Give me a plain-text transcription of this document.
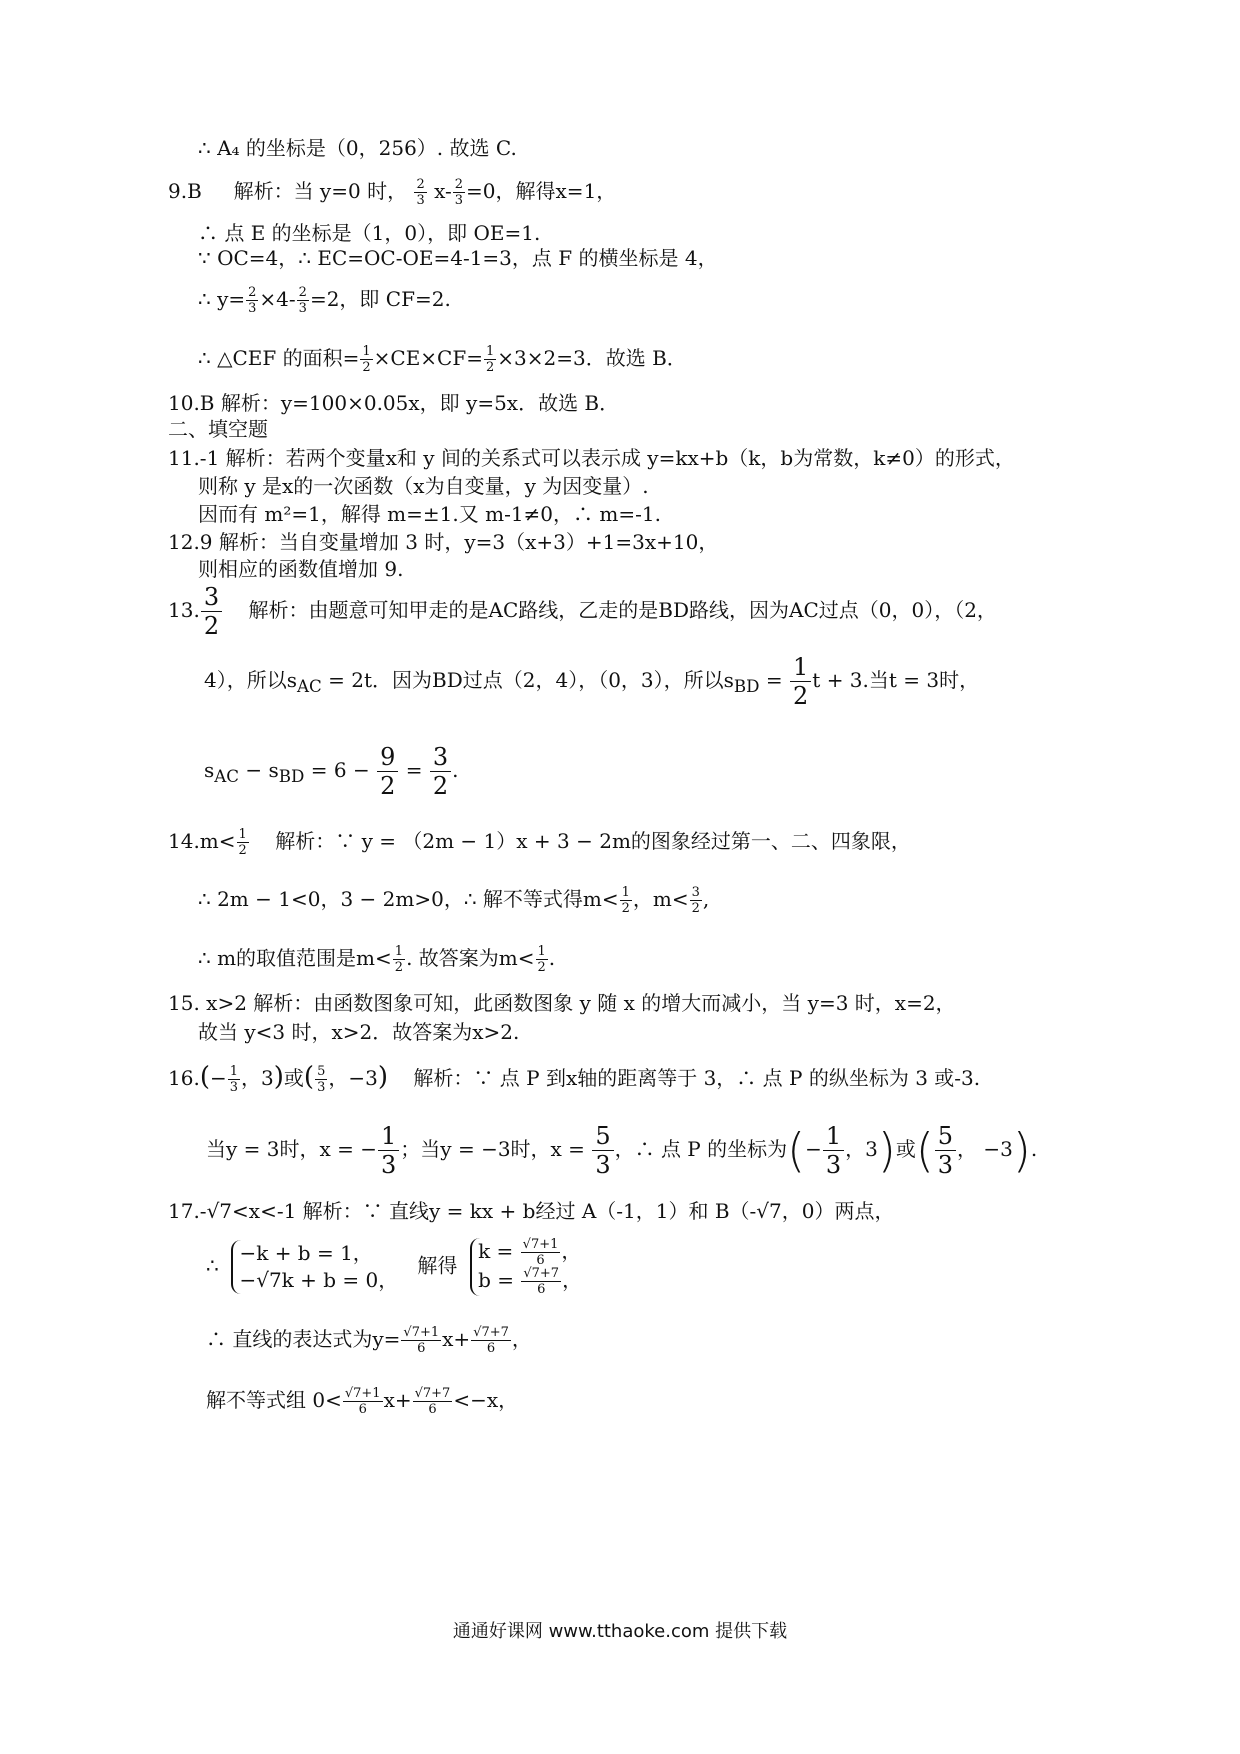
∴ A₄ 的坐标是（0，256）. 故选 C.
9.B 解析：当 y=0 时， $\frac{2}{3} x- \frac{2}{3} =0$，解得x=1，
∴ 点 E 的坐标是（1，0），即 OE=1.
∵ OC=4，∴ EC=OC-OE=4-1=3，点 F 的横坐标是 4，
∴ $y= \frac{2}{3} \times 4- \frac{2}{3} =2$，即 CF=2.
∴ △CEF 的面积= $\frac{1}{2} \times CE\times CF= \frac{1}{2} \times 3\times 2=3$．故选 B．
10.B 解析：y=100×0.05x，即 y=5x．故选 B．
二、填空题
11.-1 解析：若两个变量x和 y 间的关系式可以表示成 y=kx+b（k，b为常数，k≠0）的形式，
则称 y 是x的一次函数（x为自变量，y 为因变量）.
因而有 m²=1，解得 m=±1.又 m-1≠0，∴ m=-1.
12.9 解析：当自变量增加 3 时，y=3（x+3）+1=3x+10，
则相应的函数值增加 9.
13. $\frac{3}{2}$ 解析：由题意可知甲走的是AC路线，乙走的是BD路线，因为AC过点（0，0），（2，
4），所以$s_{AC} = 2t$．因为BD过点（2，4），（0，3），所以$s_{BD} = \frac{1}{2}$ t + 3.当t = 3时，
$s_{AC} - s_{BD} = 6 - \frac{9}{2} = \frac{3}{2}$ .
$14.m< \frac{1}{2}$ 解析：∵ y = （2m − 1）x + 3 − 2m的图象经过第一、二、四象限，
∴ 2m − 1<0，3 − 2m>0，∴ 解不等式得$m< \frac{1}{2}$ ，$m< \frac{3}{2}$ ,
∴ m的取值范围是$m< \frac{1}{2}$ . 故答案为$m< \frac{1}{2}$ .
15. x>2 解析：由函数图象可知，此函数图象 y 随 x 的增大而减小，当 y=3 时，x=2，
故当 y<3 时，x>2．故答案为x>2.
$16.(- \frac{1}{3}$ ，3)或( $\frac{5}{3}$ ，−3) 解析：∵ 点 P 到x轴的距离等于 3，∴ 点 P 的纵坐标为 3 或-3.
当y = 3时，x = − $\frac{1}{3}$ ；当y = −3时，$x = \frac{5}{3}$ ，∴ 点 P 的坐标为(− $\frac{1}{3}$ ，3)或( $\frac{5}{3}$ ， −3).
17.-√7<x<-1 解析：∵ 直线y = kx + b经过 A（-1，1）和 B（-√7，0）两点，
∴  −k + b = 1，
−√7k + b = 0，   解得  $k = \frac{√7+1}{6}$ ，
$b = \frac{√7+7}{6}$ ，
∴ 直线的表达式为$y= \frac{√7+1}{6} x+ \frac{√7+7}{6}$ ，
解不等式组 $0< \frac{√7+1}{6} x+ \frac{√7+7}{6} <-x$，
通通好课网 www.tthaoke.com 提供下载
